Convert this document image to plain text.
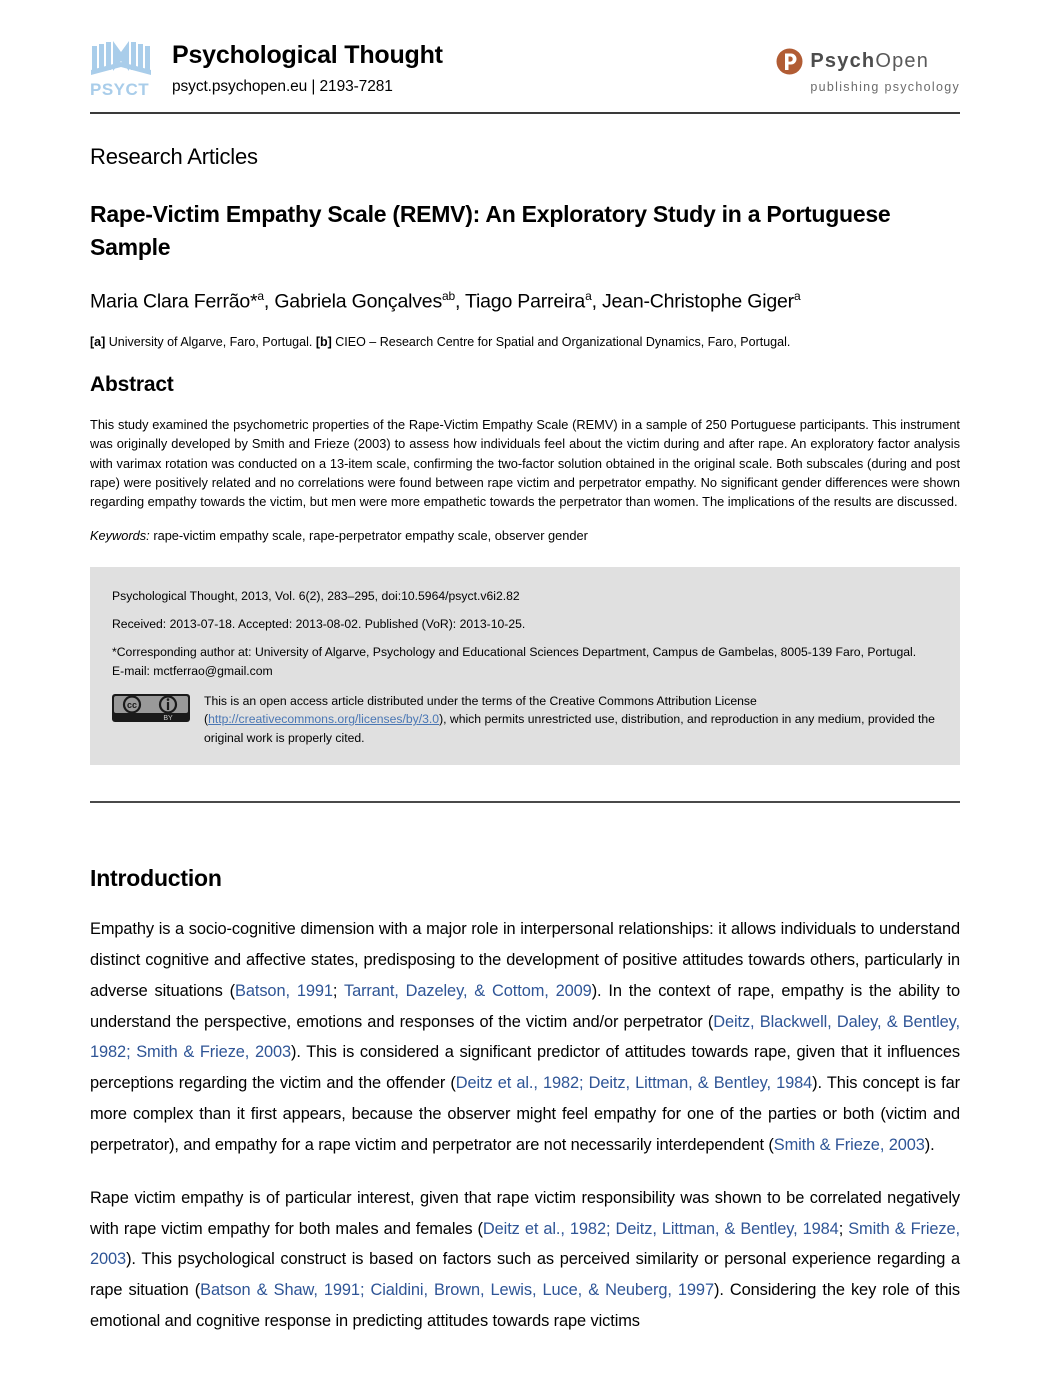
PSYCT
Psychological Thought
psyct.psychopen.eu | 2193-7281
PsychOpen
publishing psychology
Research Articles
Rape-Victim Empathy Scale (REMV): An Exploratory Study in a Portuguese Sample
Maria Clara Ferrão*$^a$, Gabriela Gonçalves$^{ab}$, Tiago Parreira$^a$, Jean-Christophe Giger$^a$
[a] University of Algarve, Faro, Portugal. [b] CIEO – Research Centre for Spatial and Organizational Dynamics, Faro, Portugal.
Abstract
This study examined the psychometric properties of the Rape-Victim Empathy Scale (REMV) in a sample of 250 Portuguese participants. This instrument was originally developed by Smith and Frieze (2003) to assess how individuals feel about the victim during and after rape. An exploratory factor analysis with varimax rotation was conducted on a 13-item scale, confirming the two-factor solution obtained in the original scale. Both subscales (during and post rape) were positively related and no correlations were found between rape victim and perpetrator empathy. No significant gender differences were shown regarding empathy towards the victim, but men were more empathetic towards the perpetrator than women. The implications of the results are discussed.
Keywords: rape-victim empathy scale, rape-perpetrator empathy scale, observer gender
Psychological Thought, 2013, Vol. 6(2), 283–295, doi:10.5964/psyct.v6i2.82
Received: 2013-07-18. Accepted: 2013-08-02. Published (VoR): 2013-10-25.
*Corresponding author at: University of Algarve, Psychology and Educational Sciences Department, Campus de Gambelas, 8005-139 Faro, Portugal.
E-mail: mctferrao@gmail.com
cc
BY
This is an open access article distributed under the terms of the Creative Commons Attribution License (http://creativecommons.org/licenses/by/3.0), which permits unrestricted use, distribution, and reproduction in any medium, provided the original work is properly cited.
Introduction

Empathy is a socio-cognitive dimension with a major role in interpersonal relationships: it allows individuals to understand distinct cognitive and affective states, predisposing to the development of positive attitudes towards others, particularly in adverse situations (Batson, 1991; Tarrant, Dazeley, & Cottom, 2009). In the context of rape, empathy is the ability to understand the perspective, emotions and responses of the victim and/or perpetrator (Deitz, Blackwell, Daley, & Bentley, 1982; Smith & Frieze, 2003). This is considered a significant predictor of attitudes towards rape, given that it influences perceptions regarding the victim and the offender (Deitz et al., 1982; Deitz, Littman, & Bentley, 1984). This concept is far more complex than it first appears, because the observer might feel empathy for one of the parties or both (victim and perpetrator), and empathy for a rape victim and perpetrator are not necessarily interdependent (Smith & Frieze, 2003).

Rape victim empathy is of particular interest, given that rape victim responsibility was shown to be correlated negatively with rape victim empathy for both males and females (Deitz et al., 1982; Deitz, Littman, & Bentley, 1984; Smith & Frieze, 2003). This psychological construct is based on factors such as perceived similarity or personal experience regarding a rape situation (Batson & Shaw, 1991; Cialdini, Brown, Lewis, Luce, & Neuberg, 1997). Considering the key role of this emotional and cognitive response in predicting attitudes towards rape victims
